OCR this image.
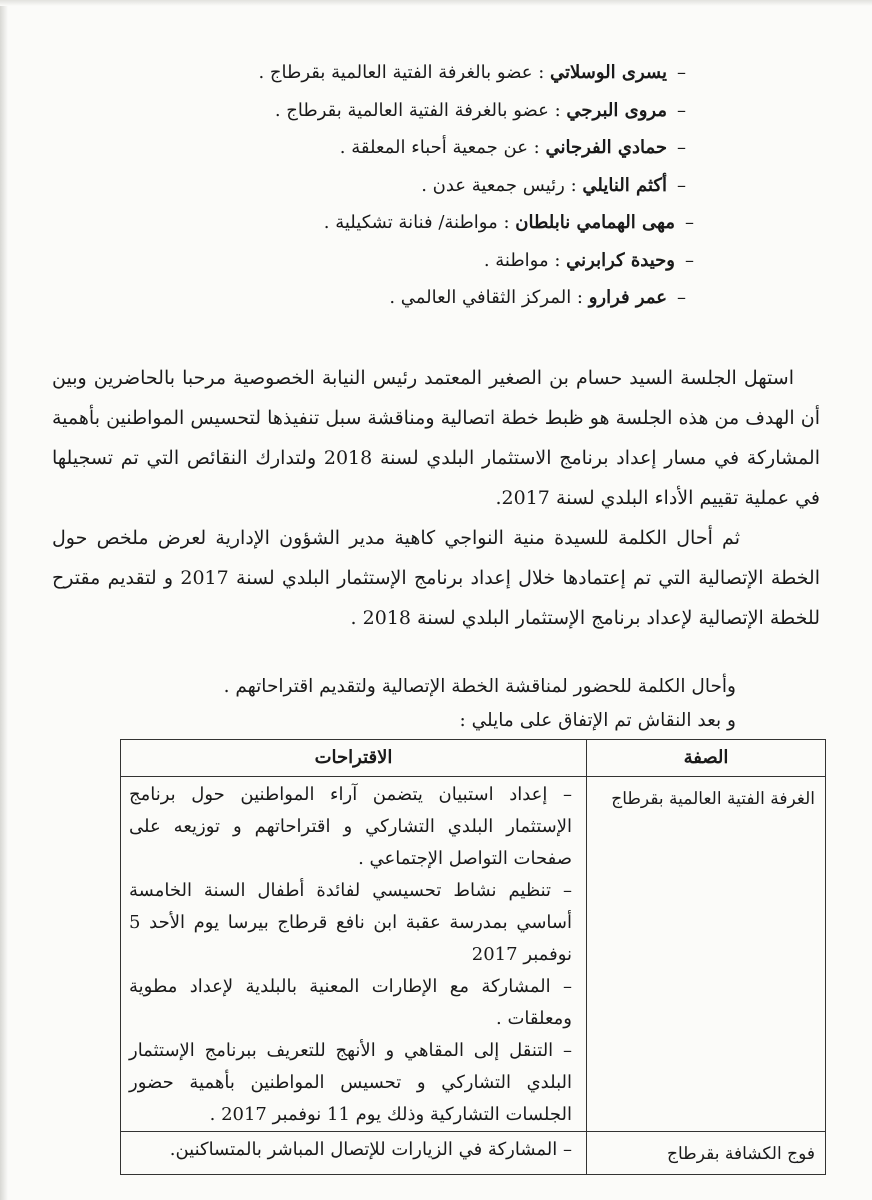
–يسرى الوسلاتي : عضو بالغرفة الفتية العالمية بقرطاج .
–مروى البرجي : عضو بالغرفة الفتية العالمية بقرطاج .
–حمادي الفرجاني : عن جمعية أحباء المعلقة .
–أكثم النايلي : رئيس جمعية عدن .
–مهى الهمامي نابلطان : مواطنة/ فنانة تشكيلية .
–وحيدة كرابرني : مواطنة .
–عمر فرارو : المركز الثقافي العالمي .

استهل الجلسة السيد حسام بن الصغير المعتمد رئيس النيابة الخصوصية مرحبا بالحاضرين وبين أن الهدف من هذه الجلسة هو ظبط خطة اتصالية ومناقشة سبل تنفيذها لتحسيس المواطنين بأهمية المشاركة في مسار إعداد برنامج الاستثمار البلدي لسنة 2018 ولتدارك النقائص التي تم تسجيلها في عملية تقييم الأداء البلدي لسنة 2017.

ثم أحال الكلمة للسيدة منية النواجي كاهية مدير الشؤون الإدارية لعرض ملخص حول الخطة الإتصالية التي تم إعتمادها خلال إعداد برنامج الإستثمار البلدي لسنة 2017 و لتقديم مقترح للخطة الإتصالية لإعداد برنامج الإستثمار البلدي لسنة 2018 .

وأحال الكلمة للحضور لمناقشة الخطة الإتصالية ولتقديم اقتراحاتهم .
و بعد النقاش تم الإتفاق على مايلي :
الصفة	الاقتراحات
الغرفة الفتية العالمية بقرطاج	– إعداد استبيان يتضمن آراء المواطنين حول برنامج الإستثمار البلدي التشاركي و اقتراحاتهم و توزيعه على صفحات التواصل الإجتماعي .
– تنظيم نشاط تحسيسي لفائدة أطفال السنة الخامسة أساسي بمدرسة عقبة ابن نافع قرطاج بيرسا يوم الأحد 5 نوفمبر 2017
– المشاركة مع الإطارات المعنية بالبلدية لإعداد مطوية ومعلقات .
– التنقل إلى المقاهي و الأنهج للتعريف ببرنامج الإستثمار البلدي التشاركي و تحسيس المواطنين بأهمية حضور الجلسات التشاركية وذلك يوم 11 نوفمبر 2017 .

فوج الكشافة بقرطاج	– المشاركة في الزيارات للإتصال المباشر بالمتساكنين.
